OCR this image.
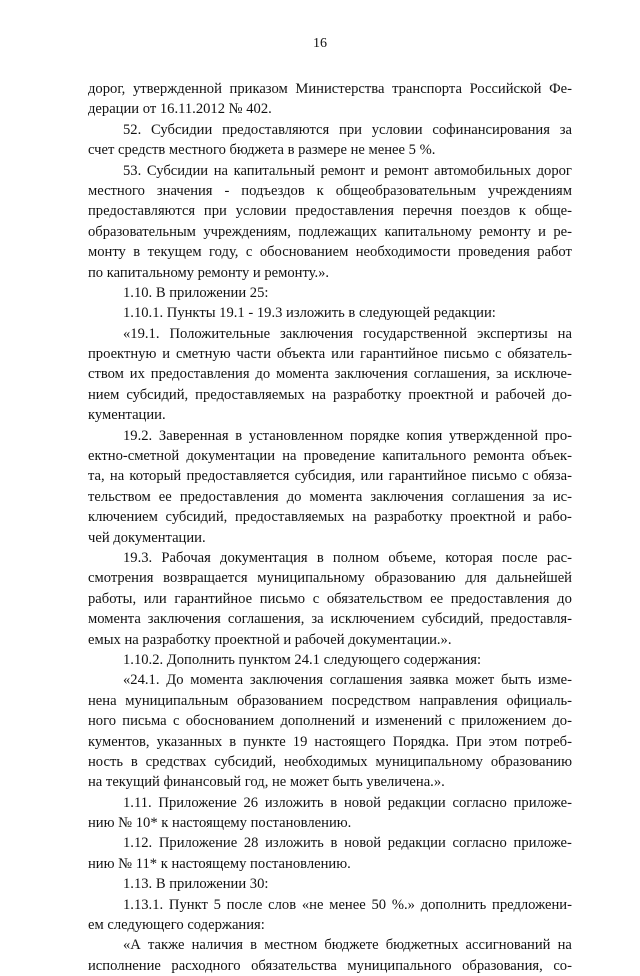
16
дорог, утвержденной приказом Министерства транспорта Российской Фе-
дерации от 16.11.2012 № 402.
52. Субсидии предоставляются при условии софинансирования за
счет средств местного бюджета в размере не менее 5 %.
53. Субсидии на капитальный ремонт и ремонт автомобильных дорог
местного значения - подъездов к общеобразовательным учреждениям
предоставляются при условии предоставления перечня поездов к обще-
образовательным учреждениям, подлежащих капитальному ремонту и ре-
монту в текущем году, с обоснованием необходимости проведения работ
по капитальному ремонту и ремонту.».
1.10. В приложении 25:
1.10.1. Пункты 19.1 - 19.3 изложить в следующей редакции:
«19.1. Положительные заключения государственной экспертизы на
проектную и сметную части объекта или гарантийное письмо с обязатель-
ством их предоставления до момента заключения соглашения, за исключе-
нием субсидий, предоставляемых на разработку проектной и рабочей до-
кументации.
19.2. Заверенная в установленном порядке копия утвержденной про-
ектно-сметной документации на проведение капитального ремонта объек-
та, на который предоставляется субсидия, или гарантийное письмо с обяза-
тельством ее предоставления до момента заключения соглашения за ис-
ключением субсидий, предоставляемых на разработку проектной и рабо-
чей документации.
19.3. Рабочая документация в полном объеме, которая после рас-
смотрения возвращается муниципальному образованию для дальнейшей
работы, или гарантийное письмо с обязательством ее предоставления до
момента заключения соглашения, за исключением субсидий, предоставля-
емых на разработку проектной и рабочей документации.».
1.10.2. Дополнить пунктом 24.1 следующего содержания:
«24.1. До момента заключения соглашения заявка может быть изме-
нена муниципальным образованием посредством направления официаль-
ного письма с обоснованием дополнений и изменений с приложением до-
кументов, указанных в пункте 19 настоящего Порядка. При этом потреб-
ность в средствах субсидий, необходимых муниципальному образованию
на текущий финансовый год, не может быть увеличена.».
1.11. Приложение 26 изложить в новой редакции согласно приложе-
нию № 10* к настоящему постановлению.
1.12. Приложение 28 изложить в новой редакции согласно приложе-
нию № 11* к настоящему постановлению.
1.13. В приложении 30:
1.13.1. Пункт 5 после слов «не менее 50 %.» дополнить предложени-
ем следующего содержания:
«А также наличия в местном бюджете бюджетных ассигнований на
исполнение расходного обязательства муниципального образования, со-
